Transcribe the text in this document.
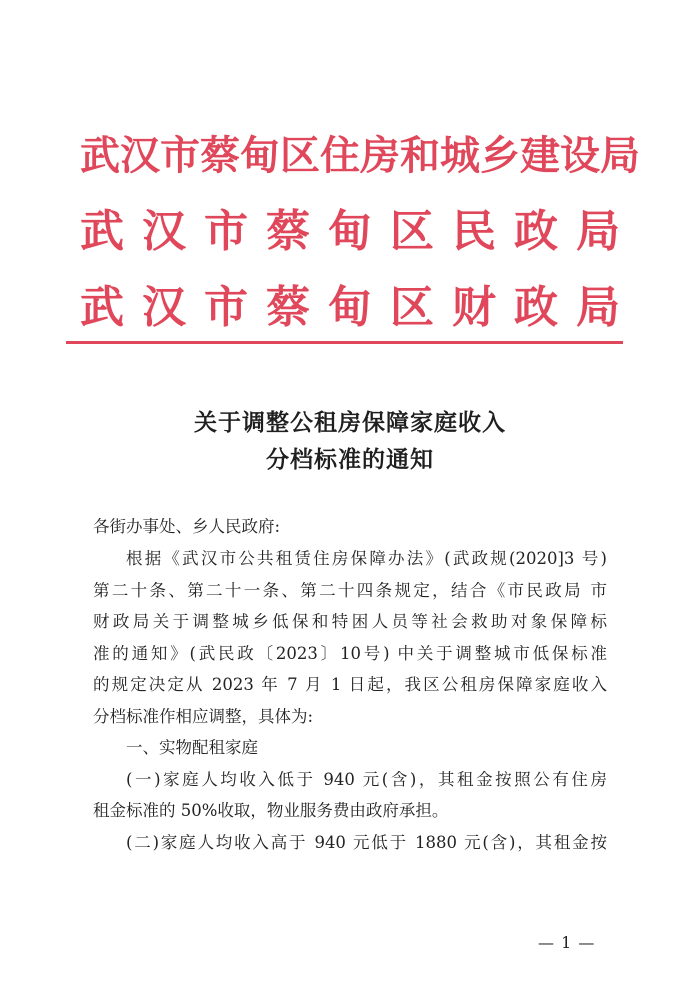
武汉市蔡甸区住房和城乡建设局
武汉市蔡甸区民政局
武汉市蔡甸区财政局
关于调整公租房保障家庭收入
分档标准的通知
各街办事处、乡人民政府:
根据《武汉市公共租赁住房保障办法》(武政规(2020]3 号)
第二十条、第二十一条、第二十四条规定，结合《市民政局 市
财政局关于调整城乡低保和特困人员等社会救助对象保障标
准的通知》(武民政〔2023〕10号) 中关于调整城市低保标准
的规定决定从 2023 年 7 月 1 日起，我区公租房保障家庭收入
分档标准作相应调整，具体为:
一、实物配租家庭
(一)家庭人均收入低于 940 元(含)，其租金按照公有住房
租金标准的 50%收取，物业服务费由政府承担。
(二)家庭人均收入高于 940 元低于 1880 元(含)，其租金按
— 1 —
